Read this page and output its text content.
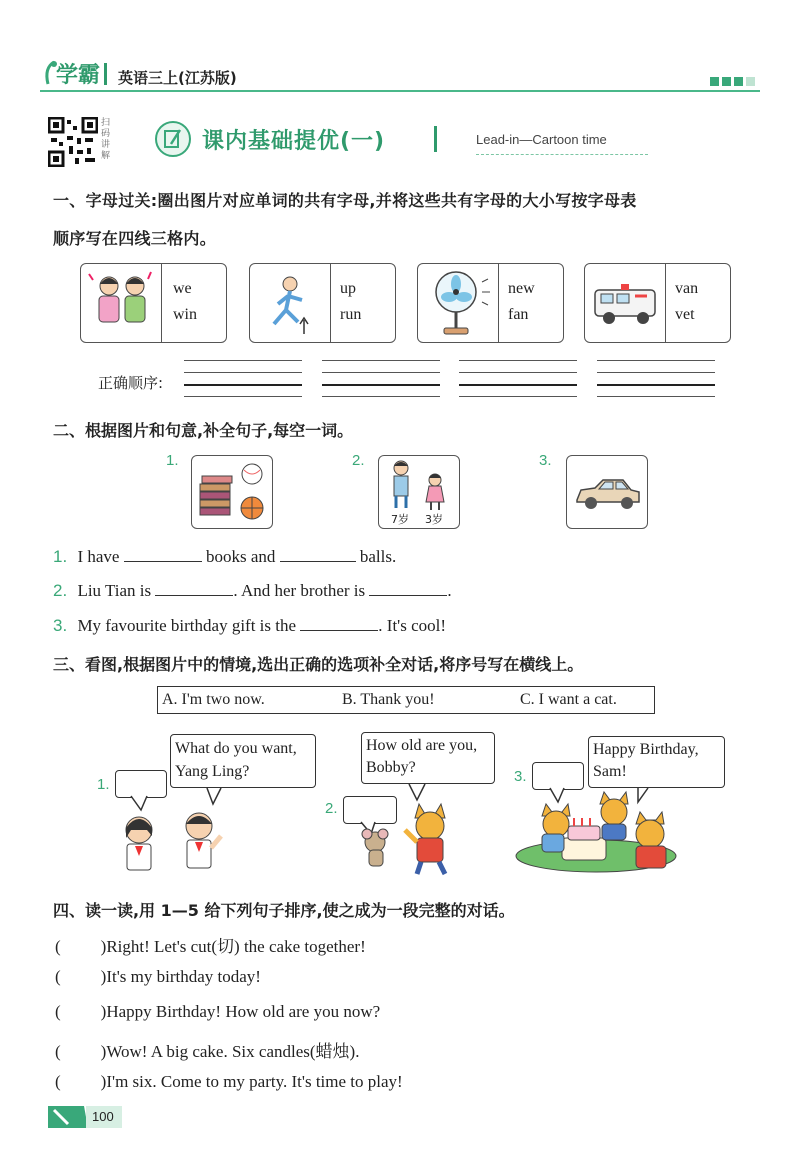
学霸 英语三上(江苏版)
扫码讲解
课内基础提优(一)	Lead-in—Cartoon time
一、字母过关:圈出图片对应单词的共有字母,并将这些共有字母的大小写按字母表
顺序写在四线三格内。
we
win
up
run
new
fan
van
vet
正确顺序:
二、根据图片和句意,补全句子,每空一词。
1.	2.
7岁 3岁
3.
1. I have	books and	balls.
2. Liu Tian is	. And her brother is	.
3. My favourite birthday gift is the	. It's cool!
三、看图,根据图片中的情境,选出正确的选项补全对话,将序号写在横线上。
A. I'm two now.	B. Thank you!	C. I want a cat.
1.
What do you want, Yang Ling?
2.
How old are you, Bobby?
3.
Happy Birthday, Sam!
四、读一读,用 1—5 给下列句子排序,使之成为一段完整的对话。
( )Right! Let's cut(切) the cake together!
( )It's my birthday today!
( )Happy Birthday! How old are you now?
( )Wow! A big cake. Six candles(蜡烛).
( )I'm six. Come to my party. It's time to play!
100
